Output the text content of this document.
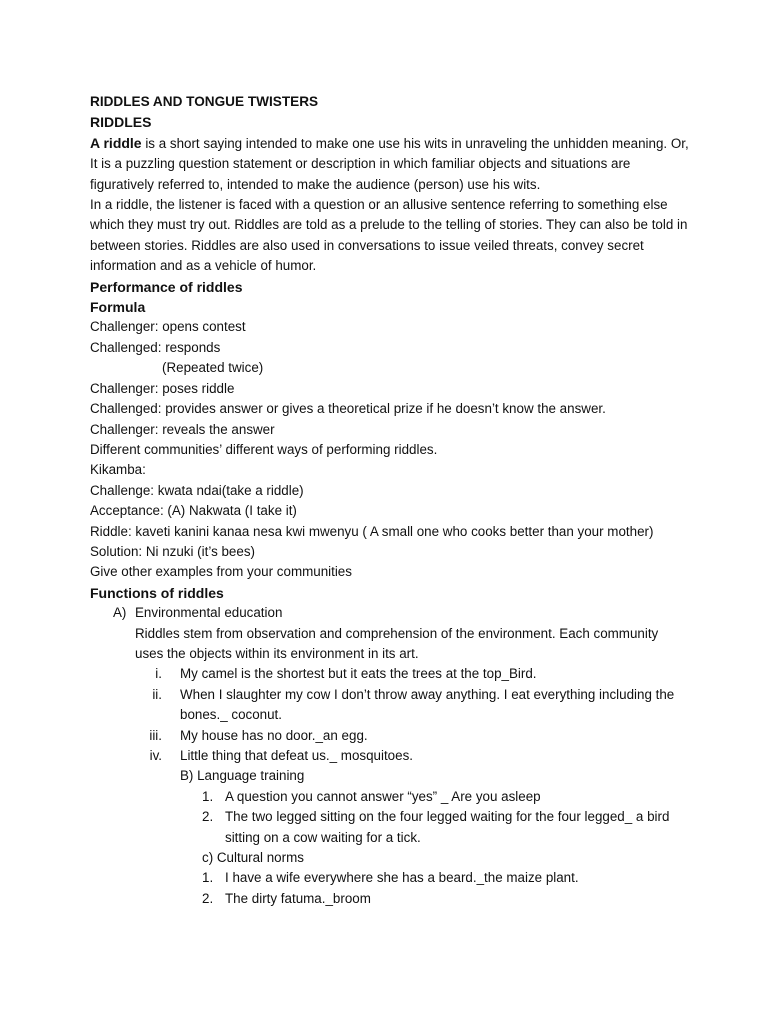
RIDDLES AND TONGUE TWISTERS
RIDDLES
A riddle is a short saying intended to make one use his wits in unraveling the unhidden meaning. Or,
It is a puzzling question statement or description in which familiar objects and situations are figuratively referred to, intended to make the audience (person) use his wits.
In a riddle, the listener is faced with a question or an allusive sentence referring to something else which they must try out. Riddles are told as a prelude to the telling of stories. They can also be told in between stories. Riddles are also used in conversations to issue veiled threats, convey secret information and as a vehicle of humor.
Performance of riddles
Formula
Challenger: opens contest
Challenged: responds
(Repeated twice)
Challenger: poses riddle
Challenged: provides answer or gives a theoretical prize if he doesn’t know the answer.
Challenger: reveals the answer
Different communities’ different ways of performing riddles.
Kikamba:
Challenge: kwata ndai(take a riddle)
Acceptance: (A) Nakwata (I take it)
Riddle: kaveti kanini kanaa nesa kwi mwenyu ( A small one who cooks better than your mother)
Solution: Ni nzuki (it’s bees)
Give other examples from your communities
Functions of riddles
A) Environmental education
Riddles stem from observation and comprehension of the environment. Each community uses the objects within its environment in its art.
i. My camel is the shortest but it eats the trees at the top_Bird.
ii. When I slaughter my cow I don’t throw away anything. I eat everything including the bones._ coconut.
iii. My house has no door._an egg.
iv. Little thing that defeat us._ mosquitoes.
B) Language training
1. A question you cannot answer “yes” _ Are you asleep
2. The two legged sitting on the four legged waiting for the four legged_ a bird sitting on a cow waiting for a tick.
c) Cultural norms
1. I have a wife everywhere she has a beard._the maize plant.
2. The dirty fatuma._broom
